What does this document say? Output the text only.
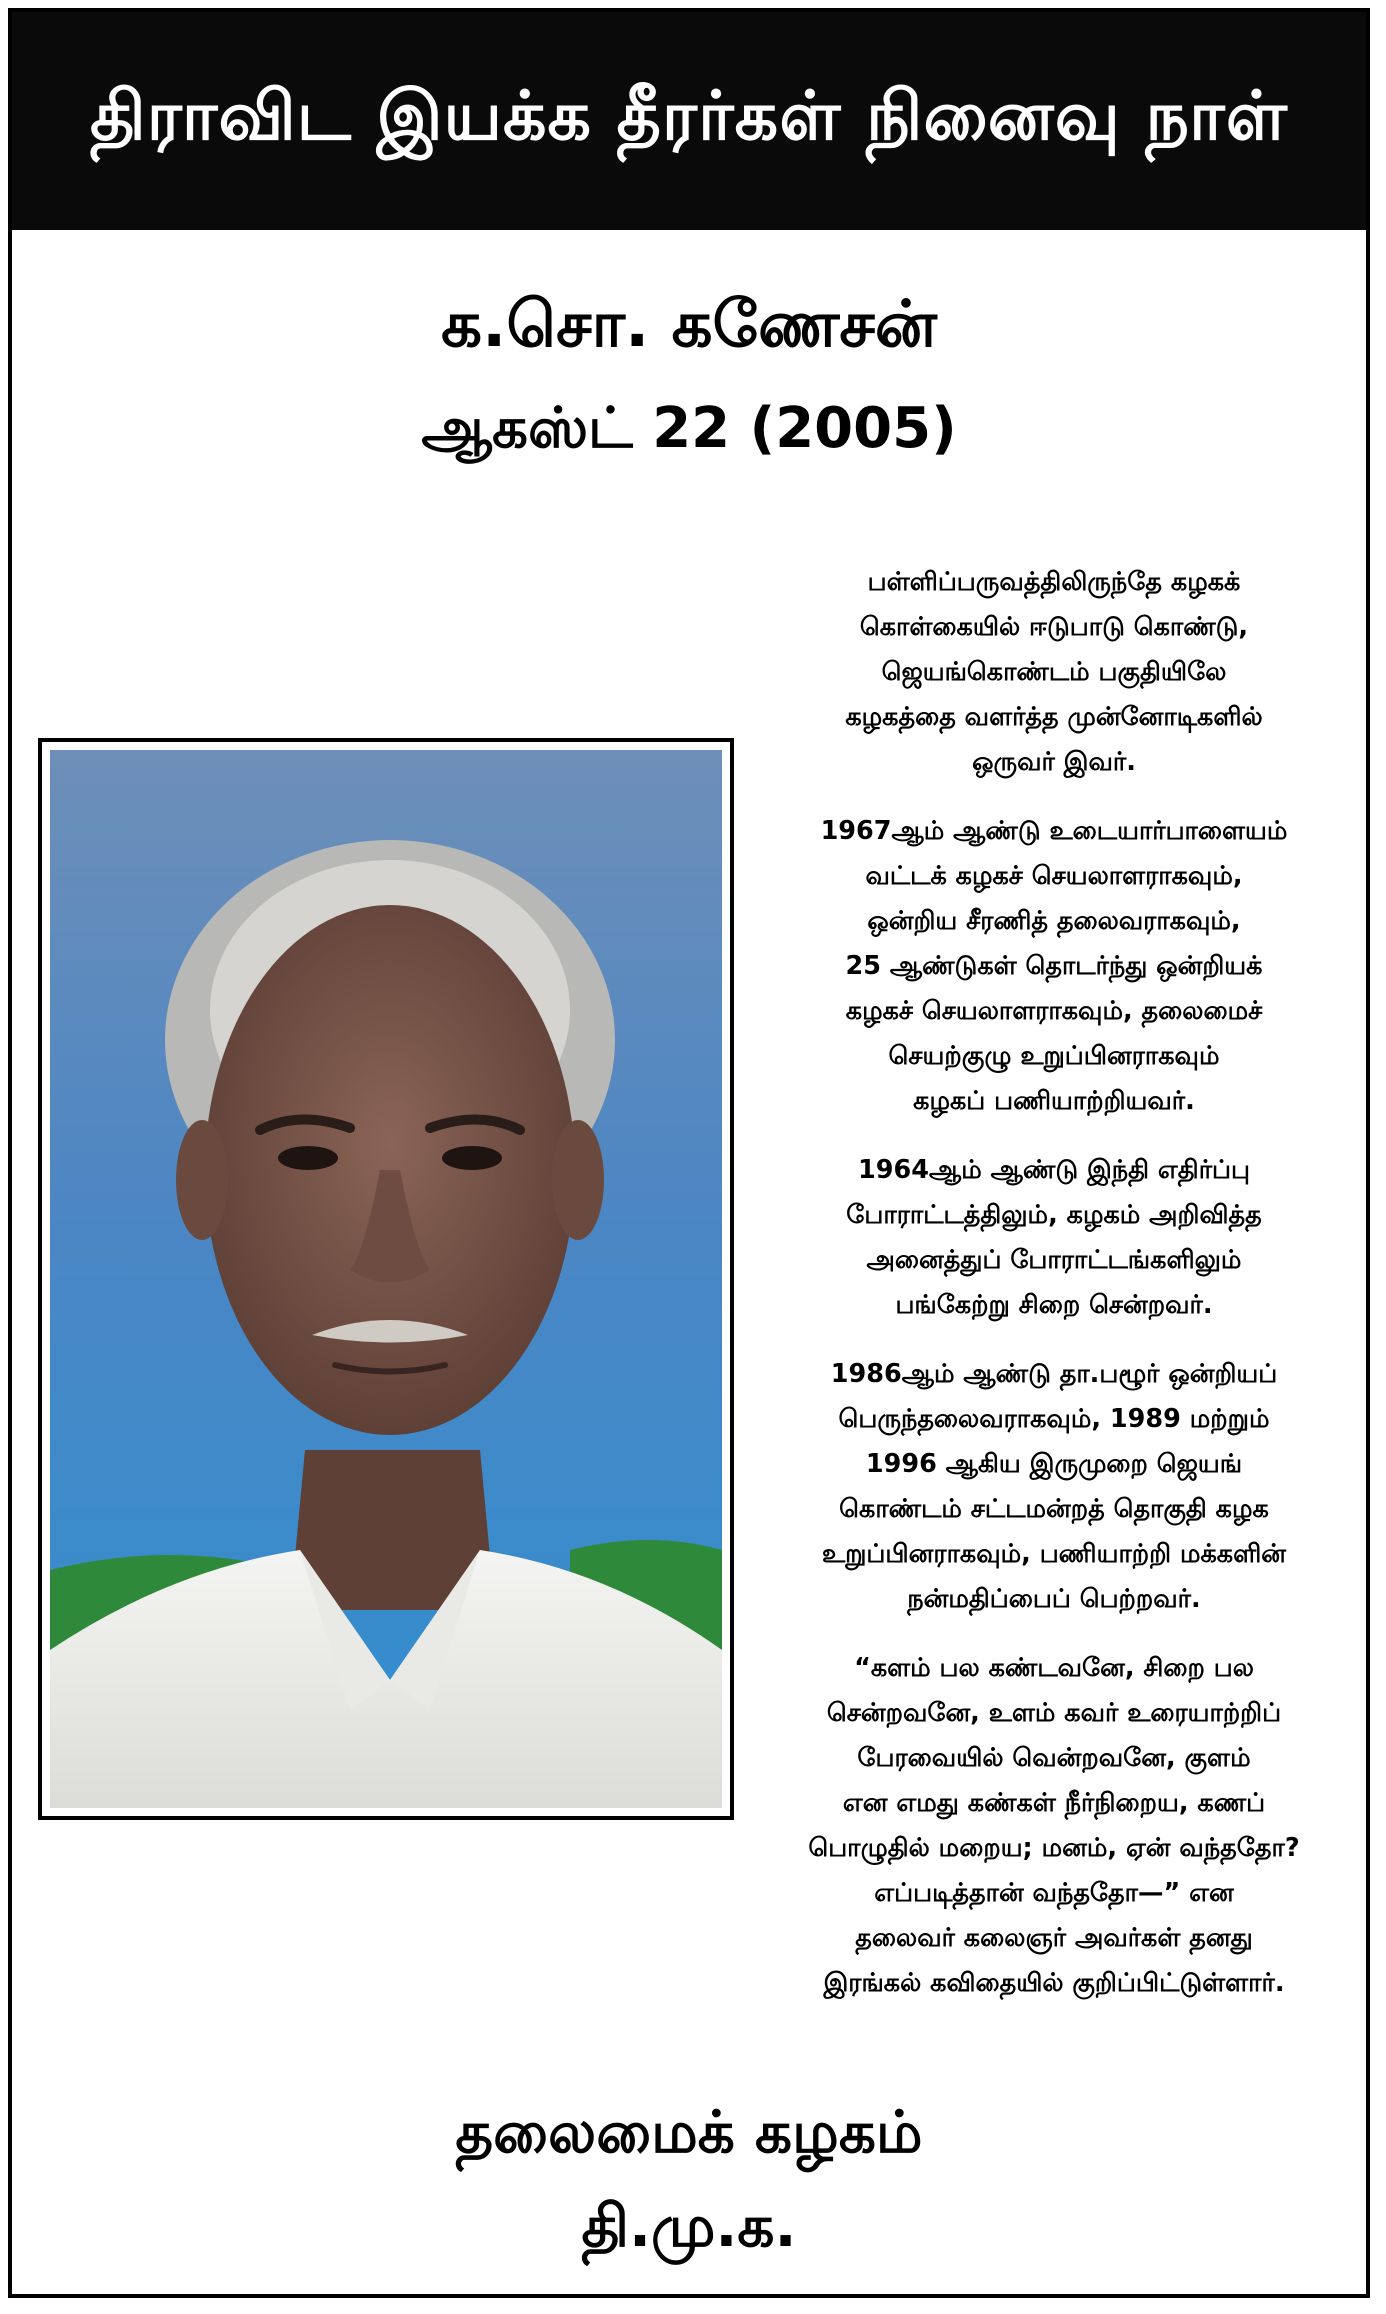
திராவிட இயக்க தீரர்கள் நினைவு நாள்
க.சொ. கணேசன்
ஆகஸ்ட் 22 (2005)
பள்ளிப்பருவத்திலிருந்தே கழகக்
கொள்கையில் ஈடுபாடு கொண்டு,
ஜெயங்கொண்டம் பகுதியிலே
கழகத்தை வளர்த்த முன்னோடிகளில்
ஒருவர் இவர்.
1967ஆம் ஆண்டு உடையார்பாளையம்
வட்டக் கழகச் செயலாளராகவும்,
ஒன்றிய சீரணித் தலைவராகவும்,
25 ஆண்டுகள் தொடர்ந்து ஒன்றியக்
கழகச் செயலாளராகவும், தலைமைச்
செயற்குழு உறுப்பினராகவும்
கழகப் பணியாற்றியவர்.
1964ஆம் ஆண்டு இந்தி எதிர்ப்பு
போராட்டத்திலும், கழகம் அறிவித்த
அனைத்துப் போராட்டங்களிலும்
பங்கேற்று சிறை சென்றவர்.
1986ஆம் ஆண்டு தா.பழூர் ஒன்றியப்
பெருந்தலைவராகவும், 1989 மற்றும்
1996 ஆகிய இருமுறை ஜெயங்
கொண்டம் சட்டமன்றத் தொகுதி கழக
உறுப்பினராகவும், பணியாற்றி மக்களின்
நன்மதிப்பைப் பெற்றவர்.
“களம் பல கண்டவனே, சிறை பல
சென்றவனே, உளம் கவர் உரையாற்றிப்
பேரவையில் வென்றவனே, குளம்
என எமது கண்கள் நீர்நிறைய, கணப்
பொழுதில் மறைய; மனம், ஏன் வந்ததோ?
எப்படித்தான் வந்ததோ—” என
தலைவர் கலைஞர் அவர்கள் தனது
இரங்கல் கவிதையில் குறிப்பிட்டுள்ளார்.
தலைமைக் கழகம்
தி.மு.க.
